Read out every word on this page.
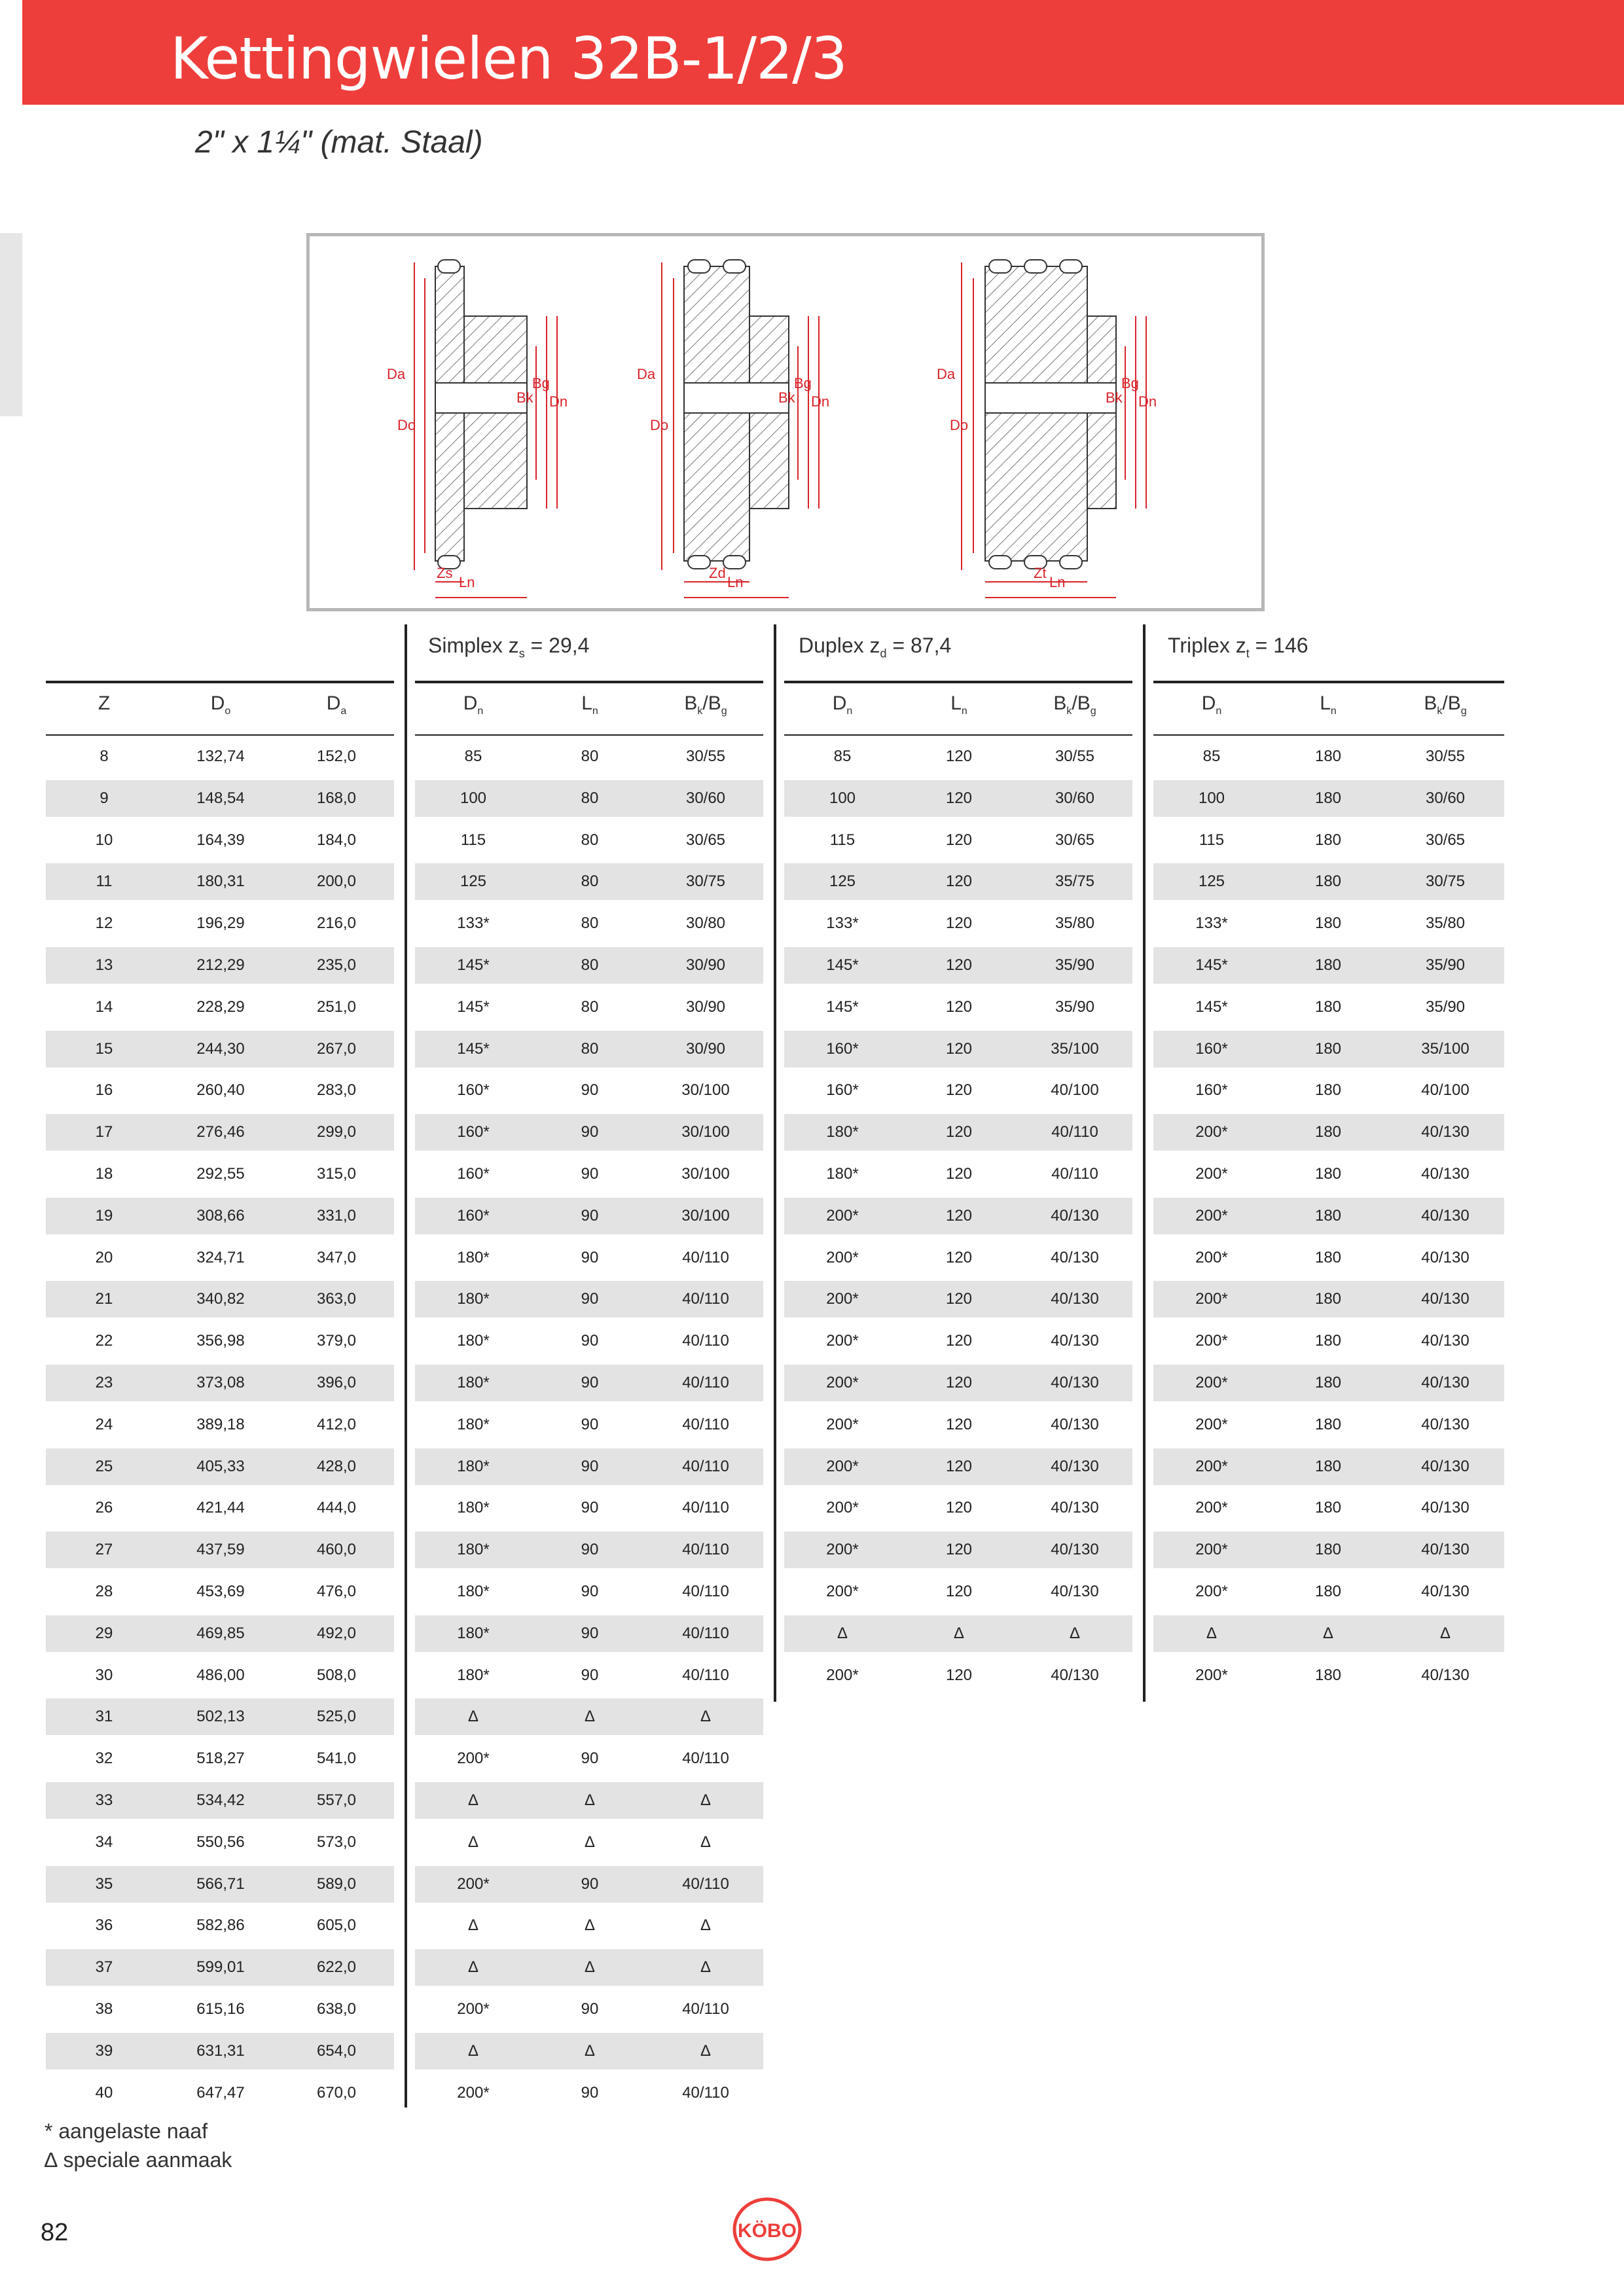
Kettingwielen 32B-1/2/3
2" x 1¼" (mat. Staal)
Da
Do
Bk
Bg
Dn
Zs
Ln
Da
Do
Bk
Bg
Dn
Zd
Ln
Da
Do
Bk
Bg
Dn
Zt
Ln
Simplex $z_s = 29,4$	Duplex $z_d = 87,4$	Triplex $z_t = 146$
Z	$D_o$	$D_a$	$D_n$	$L_n$	$B_k/B_g$	$D_n$	$L_n$	$B_k/B_g$	$D_n$	$L_n$	$B_k/B_g$
8	132,74	152,0	85	80	30/55	85	120	30/55	85	180	30/55
9	148,54	168,0	100	80	30/60	100	120	30/60	100	180	30/60
10	164,39	184,0	115	80	30/65	115	120	30/65	115	180	30/65
11	180,31	200,0	125	80	30/75	125	120	35/75	125	180	30/75
12	196,29	216,0	133*	80	30/80	133*	120	35/80	133*	180	35/80
13	212,29	235,0	145*	80	30/90	145*	120	35/90	145*	180	35/90
14	228,29	251,0	145*	80	30/90	145*	120	35/90	145*	180	35/90
15	244,30	267,0	145*	80	30/90	160*	120	35/100	160*	180	35/100
16	260,40	283,0	160*	90	30/100	160*	120	40/100	160*	180	40/100
17	276,46	299,0	160*	90	30/100	180*	120	40/110	200*	180	40/130
18	292,55	315,0	160*	90	30/100	180*	120	40/110	200*	180	40/130
19	308,66	331,0	160*	90	30/100	200*	120	40/130	200*	180	40/130
20	324,71	347,0	180*	90	40/110	200*	120	40/130	200*	180	40/130
21	340,82	363,0	180*	90	40/110	200*	120	40/130	200*	180	40/130
22	356,98	379,0	180*	90	40/110	200*	120	40/130	200*	180	40/130
23	373,08	396,0	180*	90	40/110	200*	120	40/130	200*	180	40/130
24	389,18	412,0	180*	90	40/110	200*	120	40/130	200*	180	40/130
25	405,33	428,0	180*	90	40/110	200*	120	40/130	200*	180	40/130
26	421,44	444,0	180*	90	40/110	200*	120	40/130	200*	180	40/130
27	437,59	460,0	180*	90	40/110	200*	120	40/130	200*	180	40/130
28	453,69	476,0	180*	90	40/110	200*	120	40/130	200*	180	40/130
29	469,85	492,0	180*	90	40/110	∆	∆	∆	∆	∆	∆
30	486,00	508,0	180*	90	40/110	200*	120	40/130	200*	180	40/130
31	502,13	525,0	∆	∆	∆
32	518,27	541,0	200*	90	40/110
33	534,42	557,0	∆	∆	∆
34	550,56	573,0	∆	∆	∆
35	566,71	589,0	200*	90	40/110
36	582,86	605,0	∆	∆	∆
37	599,01	622,0	∆	∆	∆
38	615,16	638,0	200*	90	40/110
39	631,31	654,0	∆	∆	∆
40	647,47	670,0	200*	90	40/110
* aangelaste naaf
∆ speciale aanmaak
82	KÖBO
